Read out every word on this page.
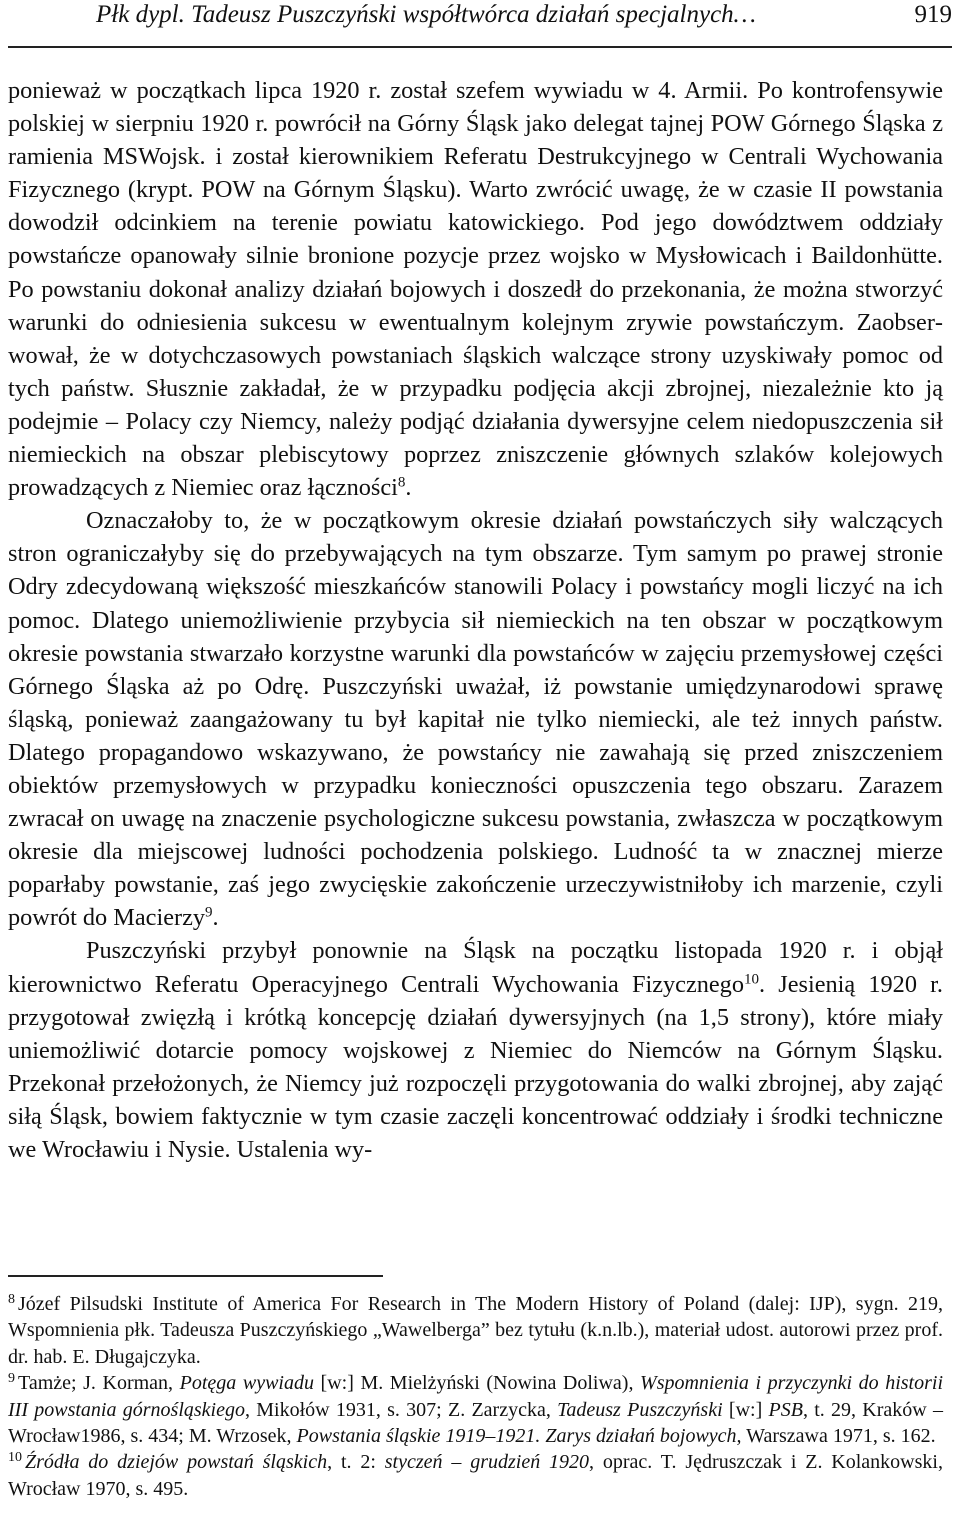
Płk dypl. Tadeusz Puszczyński współtwórca działań specjalnych…	919

ponieważ w początkach lipca 1920 r. został szefem wywiadu w 4. Armii. Po kontrofensywie polskiej w sierpniu 1920 r. powrócił na Górny Śląsk jako delegat tajnej POW Górnego Śląska z ramienia MSWojsk. i został kierownikiem Referatu Destrukcyjnego w Centrali Wychowania Fizycznego (krypt. POW na Górnym Śląsku). Warto zwrócić uwagę, że w czasie II powstania dowodził odcinkiem na terenie powiatu katowickiego. Pod jego dowództwem oddziały powstańcze opanowały silnie bronione pozycje przez wojsko w Mysłowicach i Baildonhütte. Po powstaniu dokonał analizy działań bojowych i doszedł do przekonania, że można stworzyć warunki do odniesienia sukcesu w ewentualnym kolejnym zrywie powstańczym. Zaobserwował, że w dotychczasowych powstaniach śląskich walczące strony uzyskiwały pomoc od tych państw. Słusznie zakładał, że w przypadku podjęcia akcji zbrojnej, niezależnie kto ją podejmie – Polacy czy Niemcy, należy podjąć działania dywersyjne celem niedopuszczenia sił niemieckich na obszar plebiscytowy poprzez zniszczenie głównych szlaków kolejowych prowadzących z Niemiec oraz łączności$^8$.

Oznaczałoby to, że w początkowym okresie działań powstańczych siły walczących stron ograniczałyby się do przebywających na tym obszarze. Tym samym po prawej stronie Odry zdecydowaną większość mieszkańców stanowili Polacy i powstańcy mogli liczyć na ich pomoc. Dlatego uniemożliwienie przybycia sił niemieckich na ten obszar w początkowym okresie powstania stwarzało korzystne warunki dla powstańców w zajęciu przemysłowej części Górnego Śląska aż po Odrę. Puszczyński uważał, iż powstanie umiędzynarodowi sprawę śląską, ponieważ zaangażowany tu był kapitał nie tylko niemiecki, ale też innych państw. Dlatego propagandowo wskazywano, że powstańcy nie zawahają się przed zniszczeniem obiektów przemysłowych w przypadku konieczności opuszczenia tego obszaru. Zarazem zwracał on uwagę na znaczenie psychologiczne sukcesu powstania, zwłaszcza w początkowym okresie dla miejscowej ludności pochodzenia polskiego. Ludność ta w znacznej mierze poparłaby powstanie, zaś jego zwycięskie zakończenie urzeczywistniłoby ich marzenie, czyli powrót do Macierzy$^9$.

Puszczyński przybył ponownie na Śląsk na początku listopada 1920 r. i objął kierownictwo Referatu Operacyjnego Centrali Wychowania Fizycznego$^{10}$. Jesienią 1920 r. przygotował zwięzłą i krótką koncepcję działań dywersyjnych (na 1,5 strony), które miały uniemożliwić dotarcie pomocy wojskowej z Niemiec do Niemców na Górnym Śląsku. Przekonał przełożonych, że Niemcy już rozpoczęli przygotowania do walki zbrojnej, aby zająć siłą Śląsk, bowiem faktycznie w tym czasie zaczęli koncentrować oddziały i środki techniczne we Wrocławiu i Nysie. Ustalenia wy-

$^8$ Józef Pilsudski Institute of America For Research in The Modern History of Poland (dalej: IJP), sygn. 219, Wspomnienia płk. Tadeusza Puszczyńskiego „Wawelberga” bez tytułu (k.n.lb.), materiał udost. autorowi przez prof. dr. hab. E. Długajczyka.

$^9$ Tamże; J. Korman, Potęga wywiadu [w:] M. Mielżyński (Nowina Doliwa), Wspomnienia i przyczynki do historii III powstania górnośląskiego, Mikołów 1931, s. 307; Z. Zarzycka, Tadeusz Puszczyński [w:] PSB, t. 29, Kraków – Wrocław1986, s. 434; M. Wrzosek, Powstania śląskie 1919–1921. Zarys działań bojowych, Warszawa 1971, s. 162.

$^{10}$ Źródła do dziejów powstań śląskich, t. 2: styczeń – grudzień 1920, oprac. T. Jędruszczak i Z. Kolankowski, Wrocław 1970, s. 495.
